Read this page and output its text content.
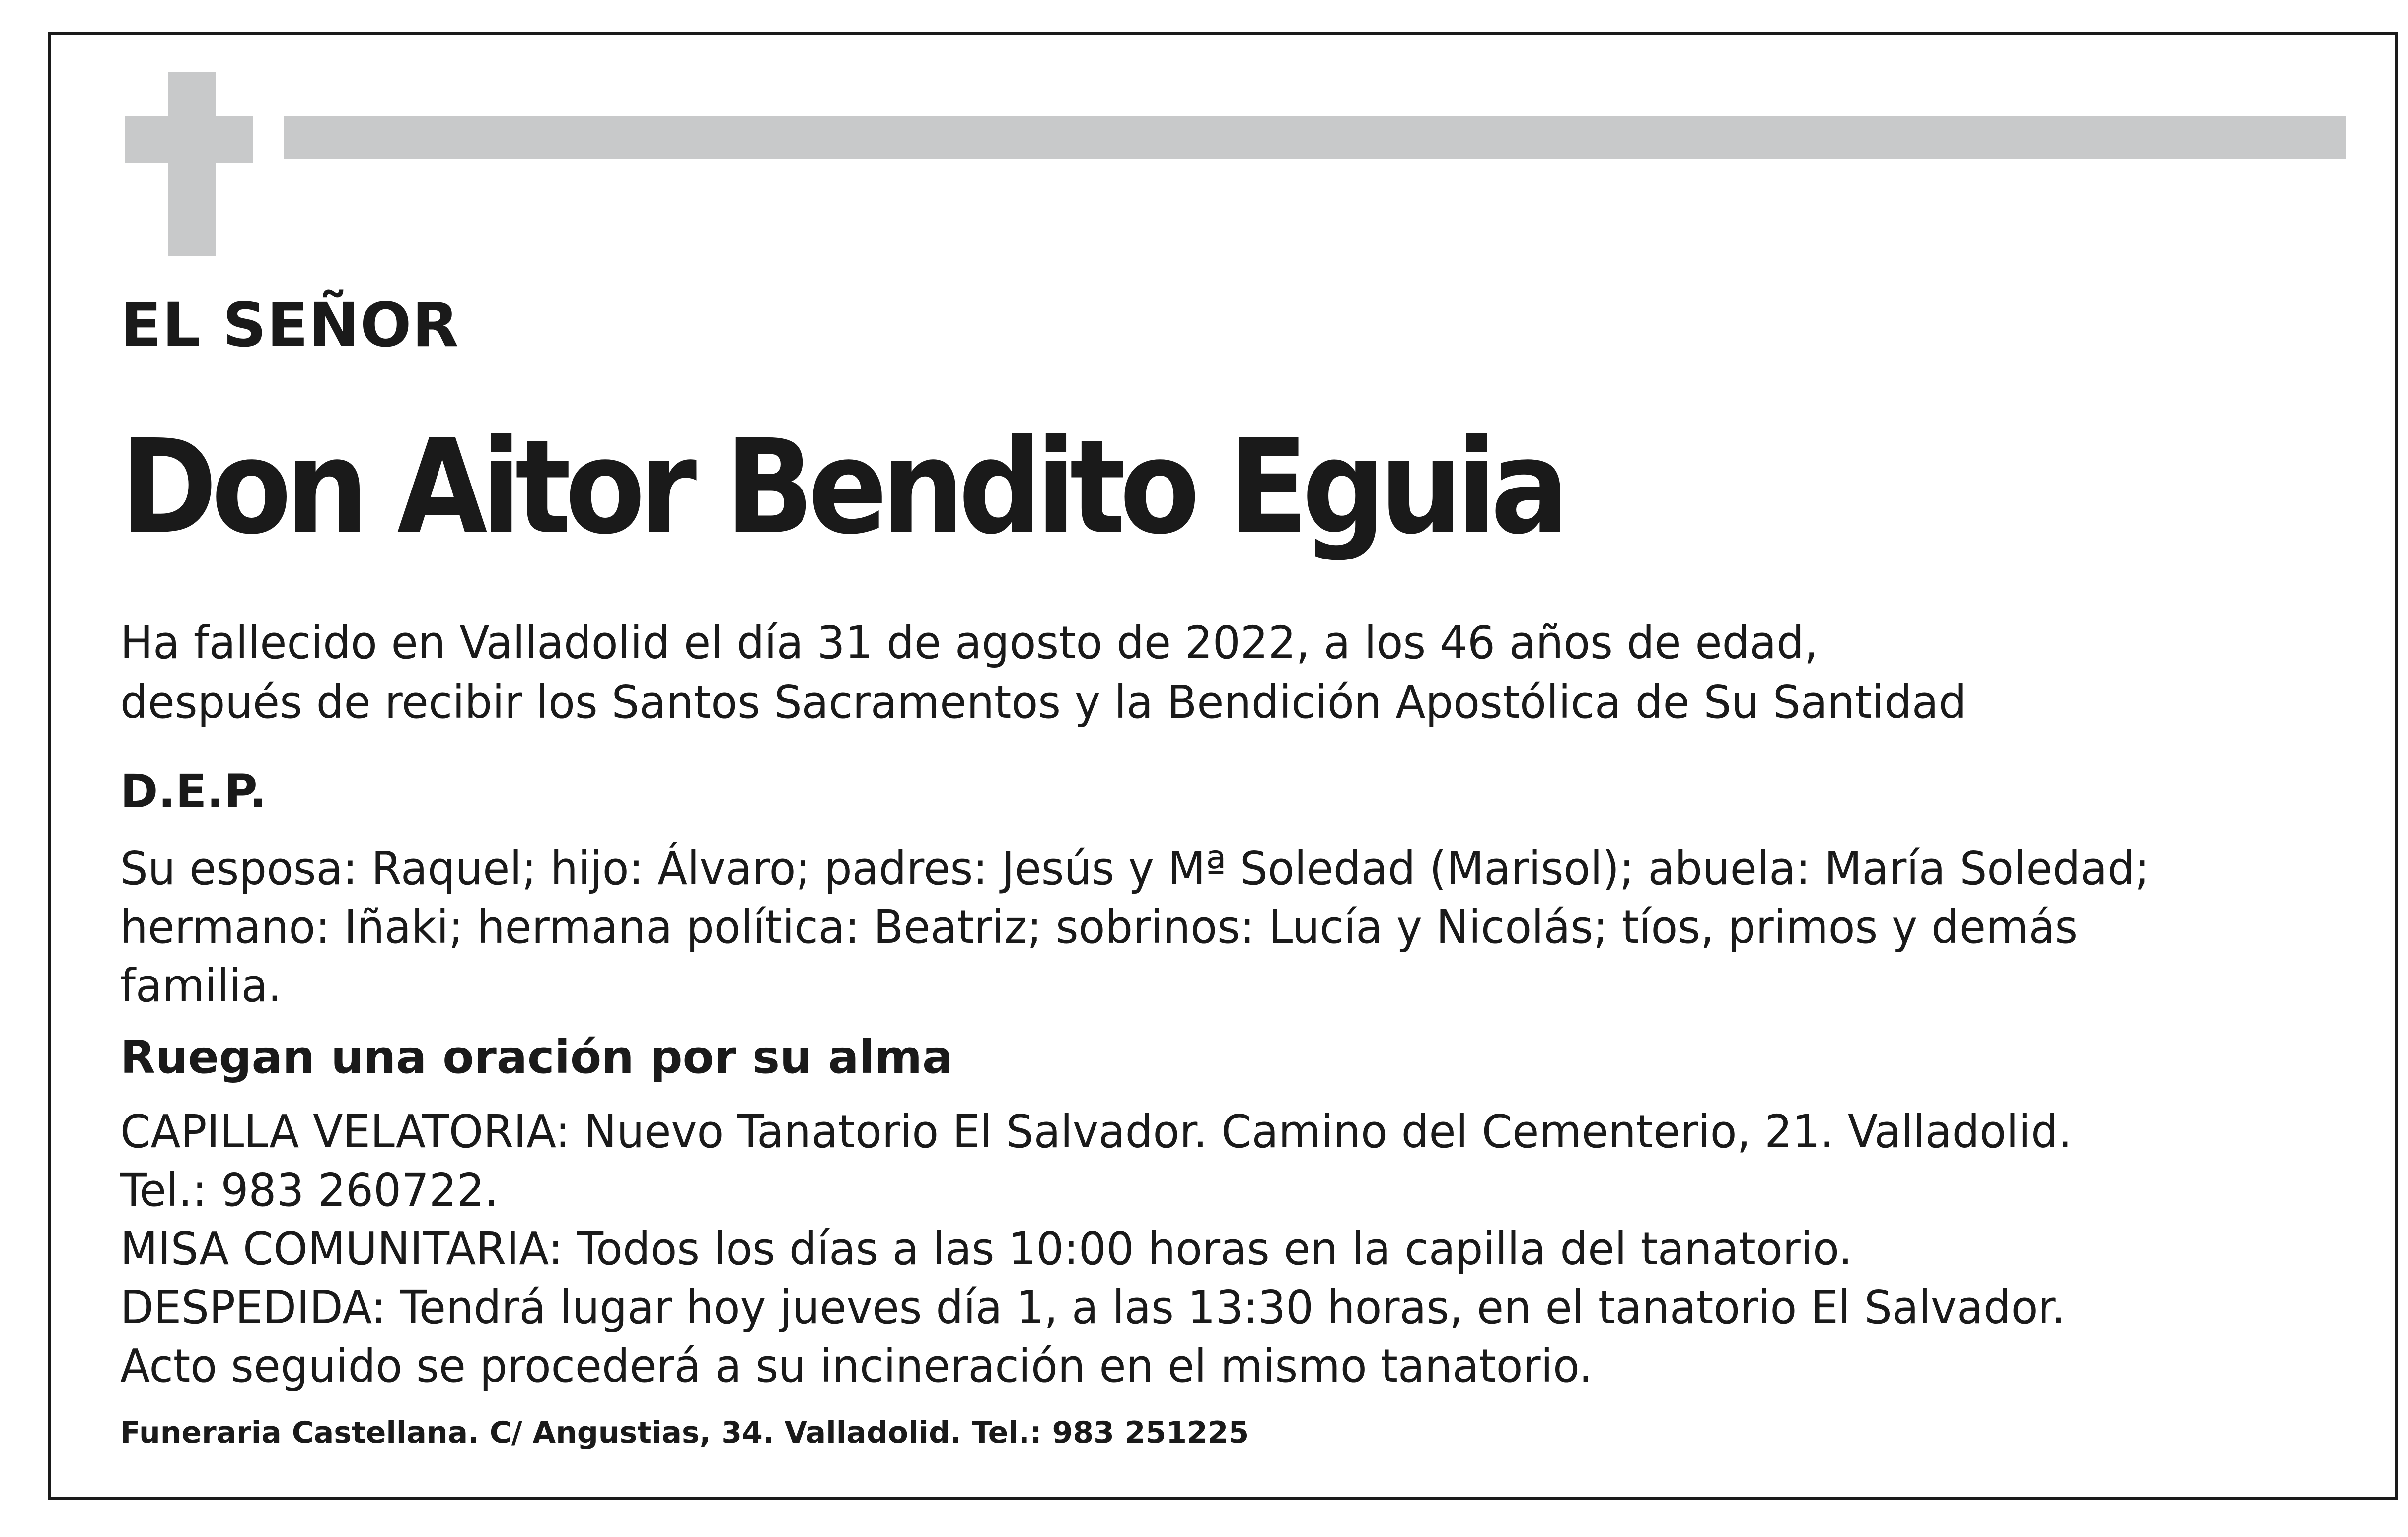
EL SEÑOR

Don Aitor Bendito Eguia

Ha fallecido en Valladolid el día 31 de agosto de 2022, a los 46 años de edad,

después de recibir los Santos Sacramentos y la Bendición Apostólica de Su Santidad

D.E.P.

Su esposa: Raquel; hijo: Álvaro; padres: Jesús y Mª Soledad (Marisol); abuela: María Soledad;

hermano: Iñaki; hermana política: Beatriz; sobrinos: Lucía y Nicolás; tíos, primos y demás

familia.

Ruegan una oración por su alma

CAPILLA VELATORIA: Nuevo Tanatorio El Salvador. Camino del Cementerio, 21. Valladolid.

Tel.: 983 260722.

MISA COMUNITARIA: Todos los días a las 10:00 horas en la capilla del tanatorio.

DESPEDIDA: Tendrá lugar hoy jueves día 1, a las 13:30 horas, en el tanatorio El Salvador.

Acto seguido se procederá a su incineración en el mismo tanatorio.

Funeraria Castellana. C/ Angustias, 34. Valladolid. Tel.: 983 251225
